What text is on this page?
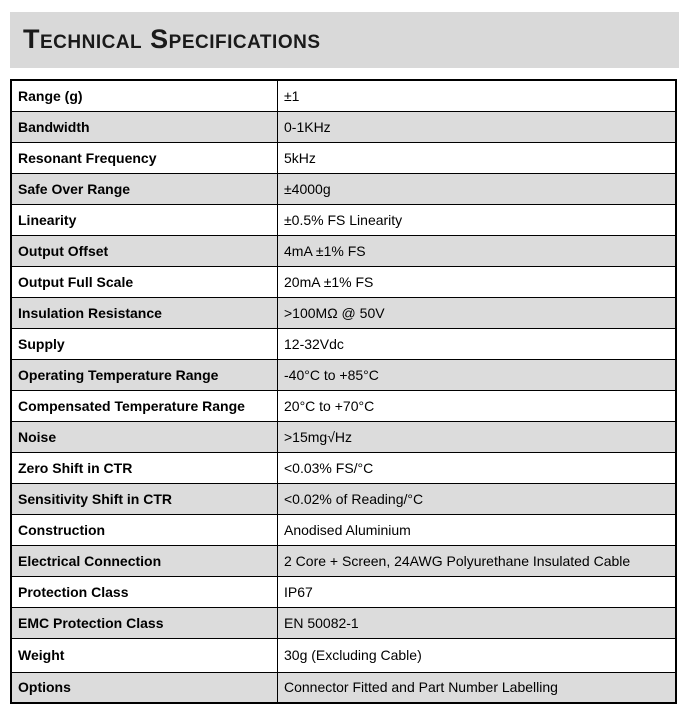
Technical Specifications
Range (g)	±1
Bandwidth	0-1KHz
Resonant Frequency	5kHz
Safe Over Range	±4000g
Linearity	±0.5% FS Linearity
Output Offset	4mA ±1% FS
Output Full Scale	20mA ±1% FS
Insulation Resistance	>100MΩ @ 50V
Supply	12-32Vdc
Operating Temperature Range	-40°C to +85°C
Compensated Temperature Range	20°C to +70°C
Noise	>15mg√Hz
Zero Shift in CTR	<0.03% FS/°C
Sensitivity Shift in CTR	<0.02% of Reading/°C
Construction	Anodised Aluminium
Electrical Connection	2 Core + Screen, 24AWG Polyurethane Insulated Cable
Protection Class	IP67
EMC Protection Class	EN 50082-1
Weight	30g (Excluding Cable)
Options	Connector Fitted and Part Number Labelling
